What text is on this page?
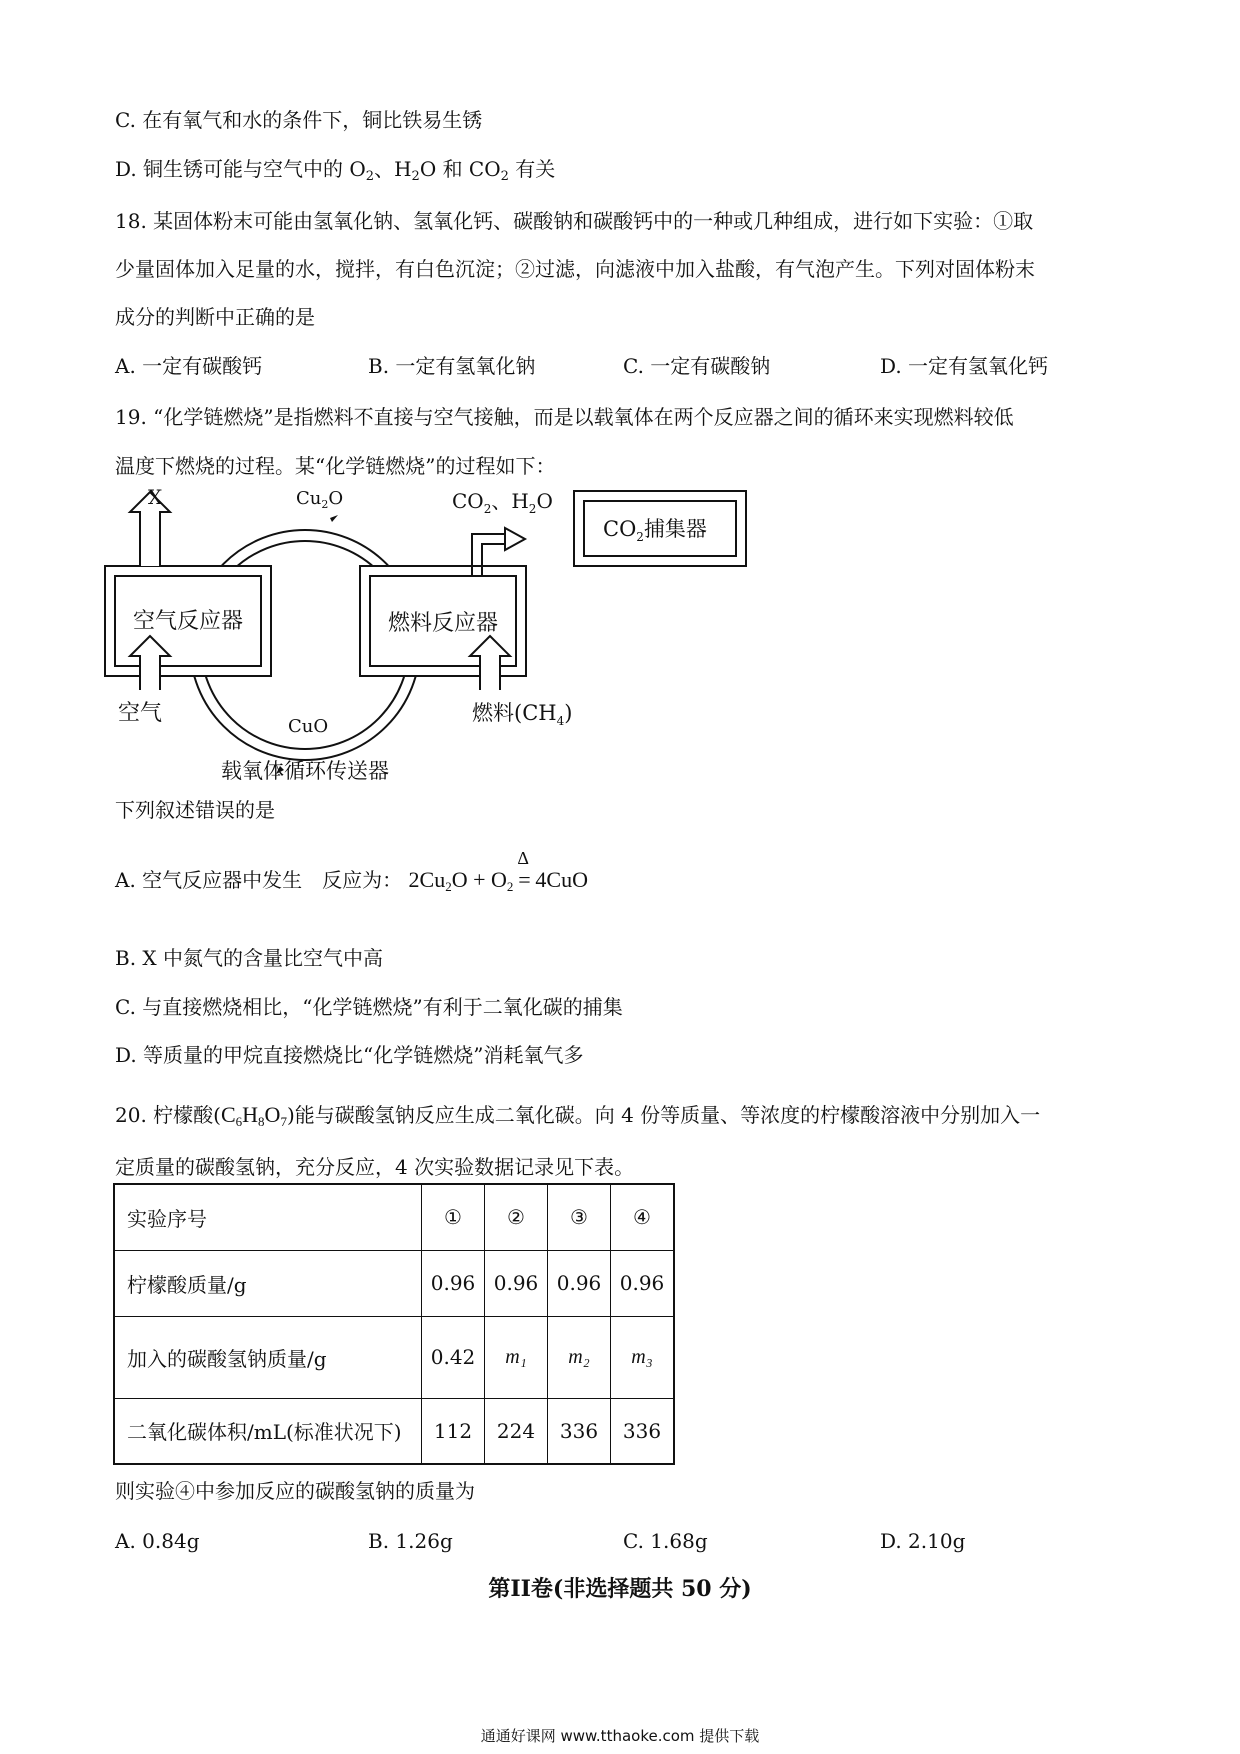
C. 在有氧气和水的条件下，铜比铁易生锈
D. 铜生锈可能与空气中的 $O_2$、$H_2O$ 和 $CO_2$ 有关
18. 某固体粉末可能由氢氧化钠、氢氧化钙、碳酸钠和碳酸钙中的一种或几种组成，进行如下实验：①取
少量固体加入足量的水，搅拌，有白色沉淀；②过滤，向滤液中加入盐酸，有气泡产生。下列对固体粉末
成分的判断中正确的是
A. 一定有碳酸钙	B. 一定有氢氧化钠	C. 一定有碳酸钠	D. 一定有氢氧化钙
19. “化学链燃烧”是指燃料不直接与空气接触，而是以载氧体在两个反应器之间的循环来实现燃料较低
温度下燃烧的过程。某“化学链燃烧”的过程如下：
空气反应器	燃料反应器
X
空气	燃料$(CH_4)$
$CO_2$、$H_2O$
$CO_2$捕集器
$Cu_2O$
CuO
载氧体循环传送器
下列叙述错误的是
A. 空气反应器中发生　反应为： $2Cu_2O + O_2$
Δ
= 4CuO
B. X 中氮气的含量比空气中高
C. 与直接燃烧相比，“化学链燃烧”有利于二氧化碳的捕集
D. 等质量的甲烷直接燃烧比“化学链燃烧”消耗氧气多
20. 柠檬酸$(C_6H_8O_7)$能与碳酸氢钠反应生成二氧化碳。向 4 份等质量、等浓度的柠檬酸溶液中分别加入一
定质量的碳酸氢钠，充分反应，4 次实验数据记录见下表。
实验序号	①	②	③	④
柠檬酸质量/g	0.96	0.96	0.96	0.96
加入的碳酸氢钠质量/g	0.42	m₁	m₂	m₃
二氧化碳体积/mL(标准状况下)	112	224	336	336
则实验④中参加反应的碳酸氢钠的质量为
A. 0.84g	B. 1.26g	C. 1.68g	D. 2.10g
第II卷(非选择题共 50 分)
通通好课网 www.tthaoke.com 提供下载
